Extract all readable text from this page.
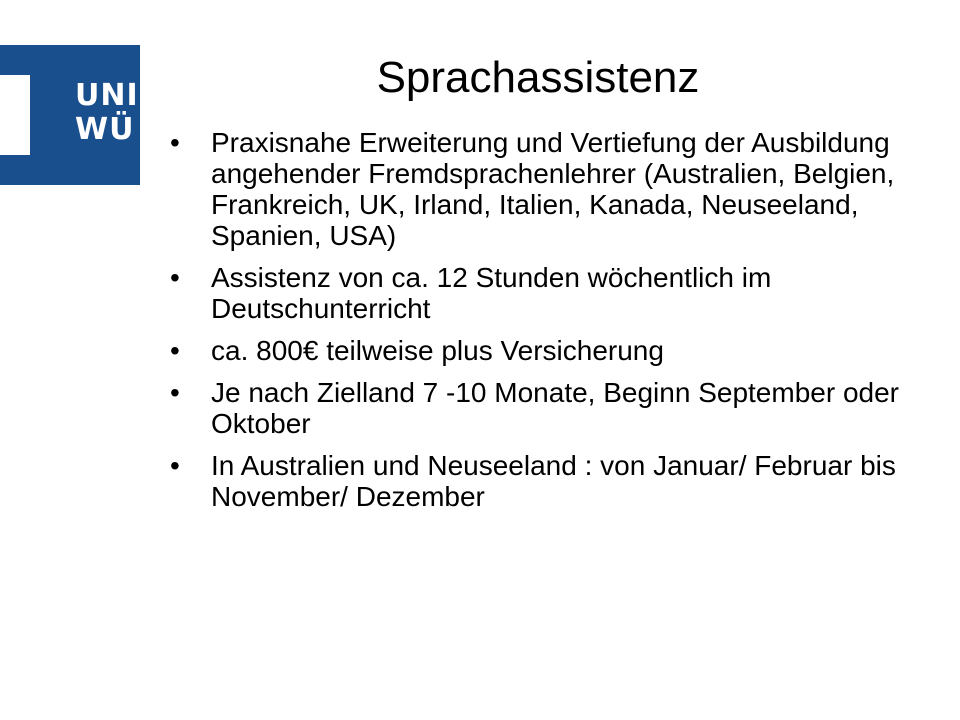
UNI
WÜ
Sprachassistenz
• Praxisnahe Erweiterung und Vertiefung der Ausbildung angehender Fremdsprachenlehrer (Australien, Belgien, Frankreich, UK, Irland, Italien, Kanada, Neuseeland, Spanien, USA)
• Assistenz von ca. 12 Stunden wöchentlich im Deutschunterricht
• ca. 800€ teilweise plus Versicherung
• Je nach Zielland 7 -10 Monate, Beginn September oder Oktober
• In Australien und Neuseeland : von Januar/ Februar bis November/ Dezember
